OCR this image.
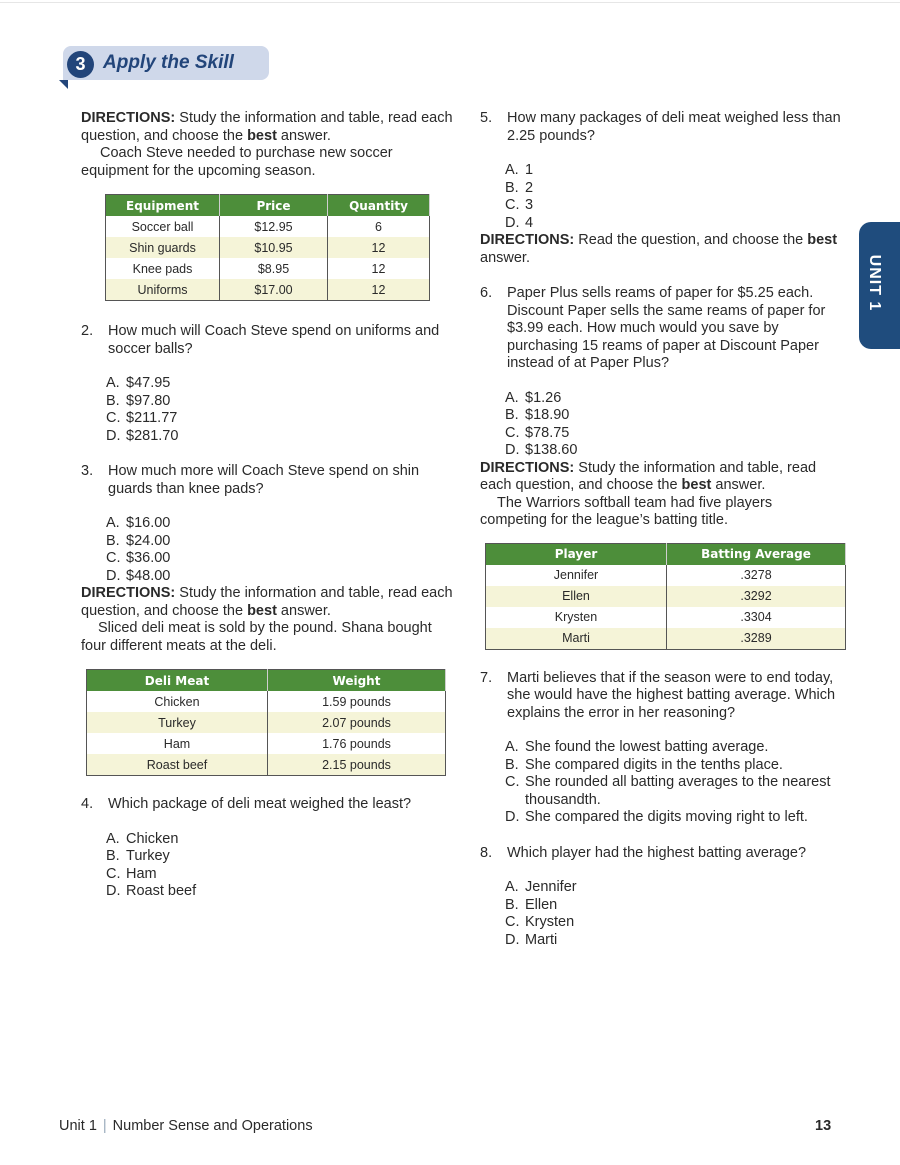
3 Apply the Skill
UNIT 1

DIRECTIONS: Study the information and table, read each question, and choose the best answer.

Coach Steve needed to purchase new soccer equipment for the upcoming season.

Equipment	Price	Quantity
Soccer ball	$12.95	6
Shin guards	$10.95	12
Knee pads	$8.95	12
Uniforms	$17.00	12
2. How much will Coach Steve spend on uniforms and soccer balls?
A. $47.95
B. $97.80
C. $211.77
D. $281.70
3. How much more will Coach Steve spend on shin guards than knee pads?
A. $16.00
B. $24.00
C. $36.00
D. $48.00

DIRECTIONS: Study the information and table, read each question, and choose the best answer.

Sliced deli meat is sold by the pound. Shana bought four different meats at the deli.

Deli Meat	Weight
Chicken	1.59 pounds
Turkey	2.07 pounds
Ham	1.76 pounds
Roast beef	2.15 pounds
4. Which package of deli meat weighed the least?
A. Chicken
B. Turkey
C. Ham
D. Roast beef
5. How many packages of deli meat weighed less than 2.25 pounds?
A. 1
B. 2
C. 3
D. 4

DIRECTIONS: Read the question, and choose the best answer.

6. Paper Plus sells reams of paper for $5.25 each. Discount Paper sells the same reams of paper for $3.99 each. How much would you save by purchasing 15 reams of paper at Discount Paper instead of at Paper Plus?
A. $1.26
B. $18.90
C. $78.75
D. $138.60

DIRECTIONS: Study the information and table, read each question, and choose the best answer.

The Warriors softball team had five players competing for the league’s batting title.

Player	Batting Average
Jennifer	.3278
Ellen	.3292
Krysten	.3304
Marti	.3289
7. Marti believes that if the season were to end today, she would have the highest batting average. Which explains the error in her reasoning?
A. She found the lowest batting average.
B. She compared digits in the tenths place.
C. She rounded all batting averages to the nearest thousandth.
D. She compared the digits moving right to left.
8. Which player had the highest batting average?
A. Jennifer
B. Ellen
C. Krysten
D. Marti
Unit 1 | Number Sense and Operations	13
